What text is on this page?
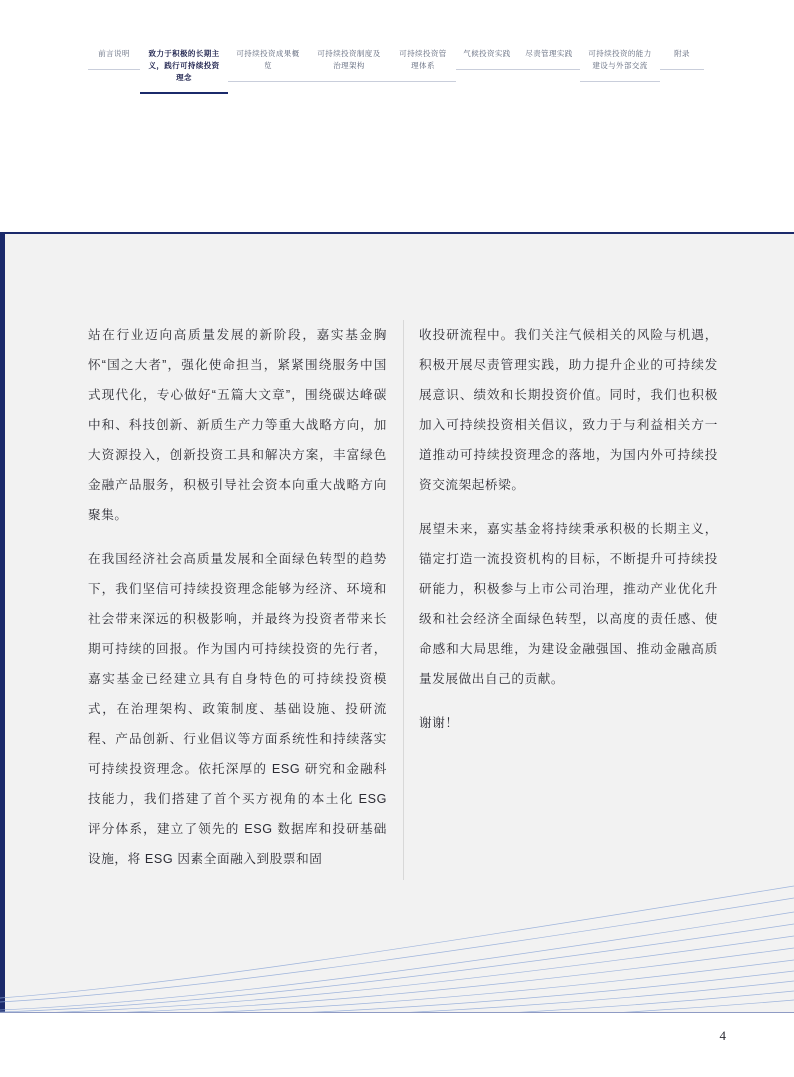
前言说明	致力于积极的长期主义，践行可持续投资理念
可持续投资成果概览
可持续投资制度及治理架构
可持续投资管理体系
气候投资实践 尽责管理实践	可持续投资的能力建设与外部交流
附录

站在行业迈向高质量发展的新阶段，嘉实基金胸怀“国之大者”，强化使命担当，紧紧围绕服务中国式现代化，专心做好“五篇大文章”，围绕碳达峰碳中和、科技创新、新质生产力等重大战略方向，加大资源投入，创新投资工具和解决方案，丰富绿色金融产品服务，积极引导社会资本向重大战略方向聚集。

在我国经济社会高质量发展和全面绿色转型的趋势下，我们坚信可持续投资理念能够为经济、环境和社会带来深远的积极影响，并最终为投资者带来长期可持续的回报。作为国内可持续投资的先行者，嘉实基金已经建立具有自身特色的可持续投资模式，在治理架构、政策制度、基础设施、投研流程、产品创新、行业倡议等方面系统性和持续落实可持续投资理念。依托深厚的 ESG 研究和金融科技能力，我们搭建了首个买方视角的本土化 ESG 评分体系，建立了领先的 ESG 数据库和投研基础设施，将 ESG 因素全面融入到股票和固

收投研流程中。我们关注气候相关的风险与机遇，积极开展尽责管理实践，助力提升企业的可持续发展意识、绩效和长期投资价值。同时，我们也积极加入可持续投资相关倡议，致力于与利益相关方一道推动可持续投资理念的落地，为国内外可持续投资交流架起桥梁。

展望未来，嘉实基金将持续秉承积极的长期主义，锚定打造一流投资机构的目标，不断提升可持续投研能力，积极参与上市公司治理，推动产业优化升级和社会经济全面绿色转型，以高度的责任感、使命感和大局思维，为建设金融强国、推动金融高质量发展做出自己的贡献。

谢谢！

4
